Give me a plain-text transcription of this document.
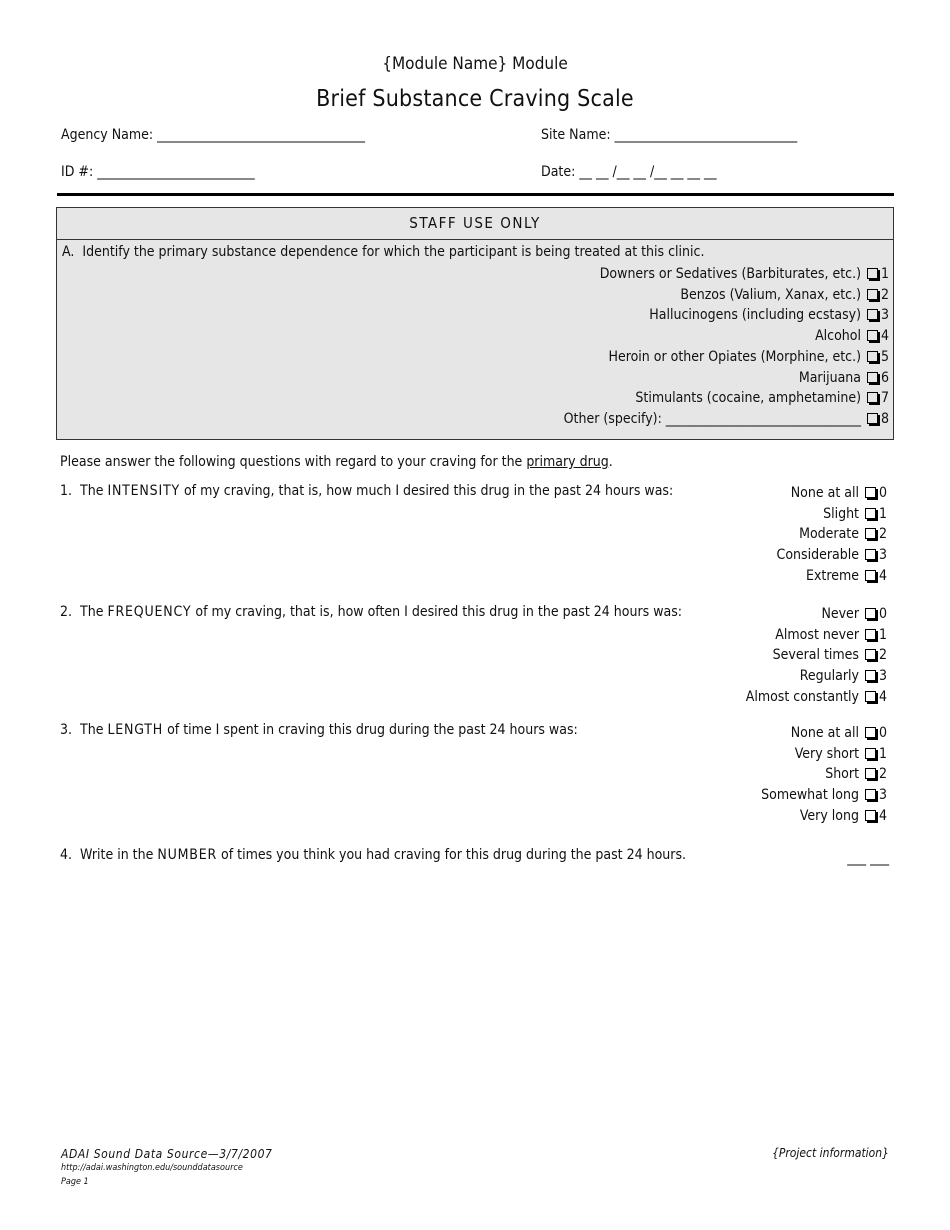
{Module Name} Module
Brief Substance Craving Scale
Agency Name: _________________________________	Site Name: _____________________________
ID #: _________________________	Date: __ __ /__ __ /__ __ __ __
STAFF USE ONLY
A. Identify the primary substance dependence for which the participant is being treated at this clinic.
Downers or Sedatives (Barbiturates, etc.) 1
Benzos (Valium, Xanax, etc.) 2
Hallucinogens (including ecstasy) 3
Alcohol 4
Heroin or other Opiates (Morphine, etc.) 5
Marijuana 6
Stimulants (cocaine, amphetamine) 7
Other (specify): _______________________________ 8
Please answer the following questions with regard to your craving for the primary drug.
1. The INTENSITY of my craving, that is, how much I desired this drug in the past 24 hours was:	None at all 0
Slight 1
Moderate 2
Considerable 3
Extreme 4
2. The FREQUENCY of my craving, that is, how often I desired this drug in the past 24 hours was:	Never 0
Almost never 1
Several times 2
Regularly 3
Almost constantly 4
3. The LENGTH of time I spent in craving this drug during the past 24 hours was:	None at all 0
Very short 1
Short 2
Somewhat long 3
Very long 4
4. Write in the NUMBER of times you think you had craving for this drug during the past 24 hours.	___ ___
ADAI Sound Data Source—3/7/2007
http://adai.washington.edu/sounddatasource
Page 1
{Project information}
